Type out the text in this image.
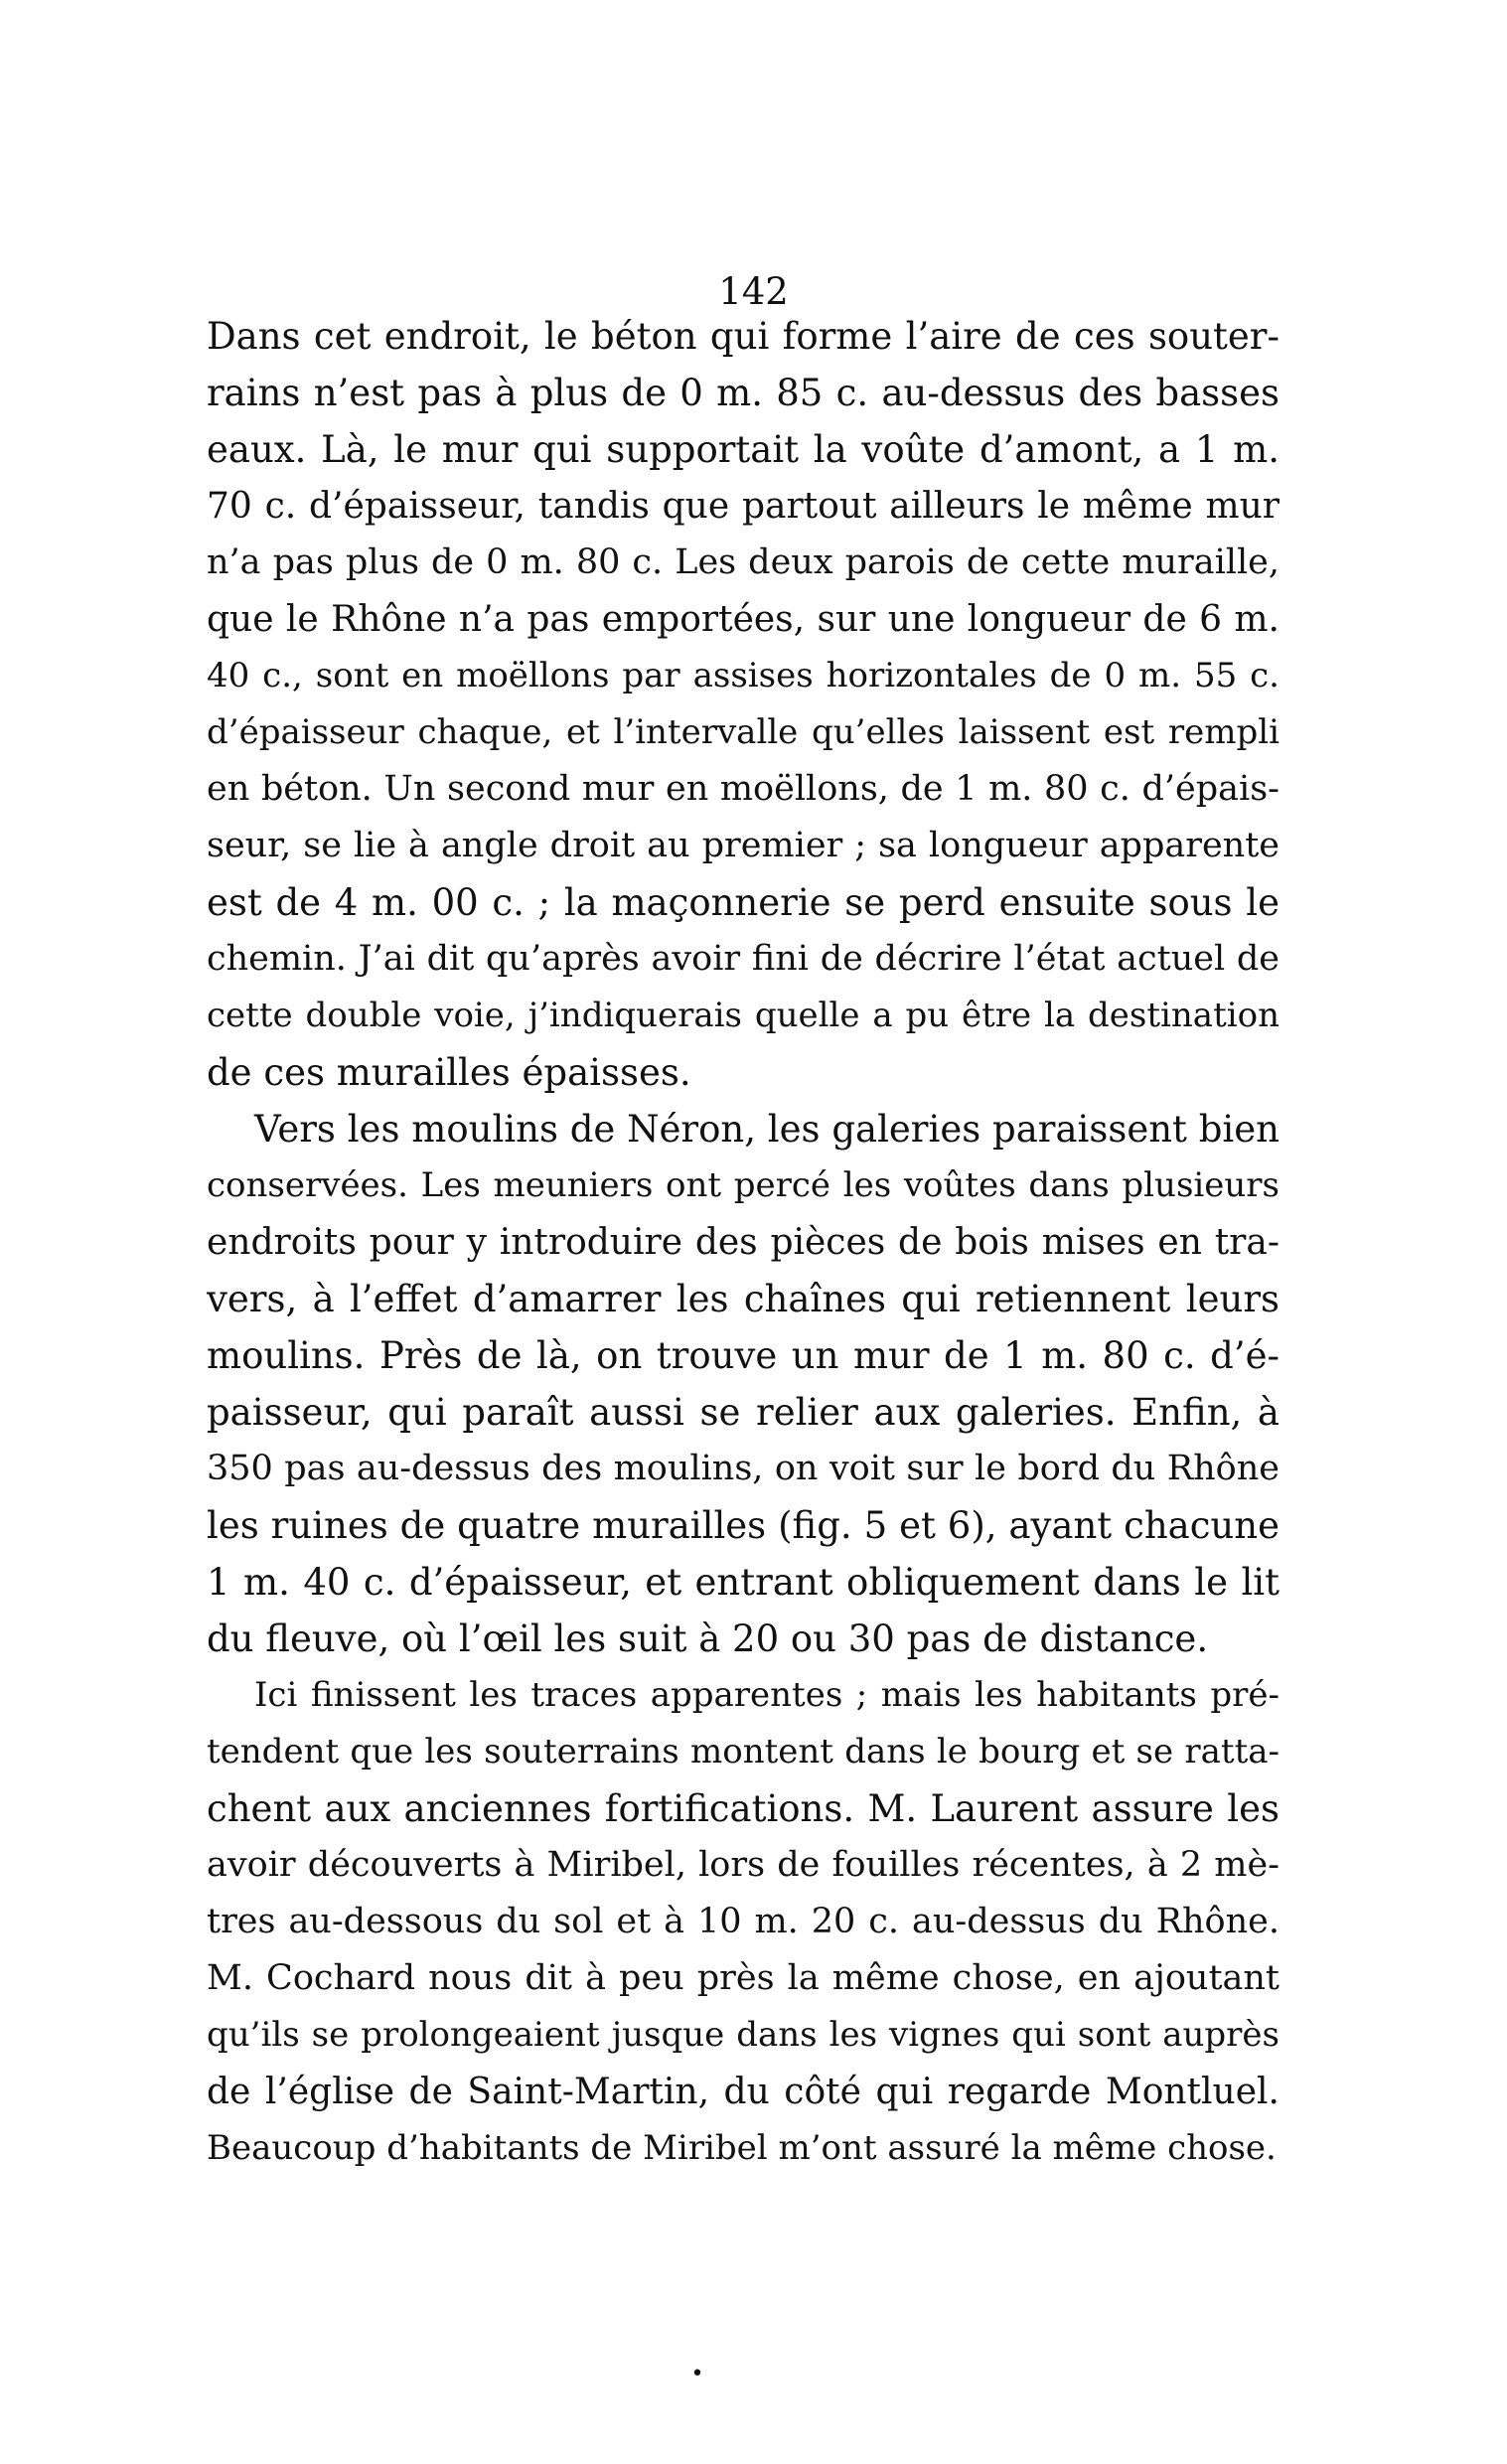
142
Dans cet endroit, le béton qui forme l’aire de ces souter-
rains n’est pas à plus de 0 m. 85 c. au-dessus des basses
eaux. Là, le mur qui supportait la voûte d’amont, a 1 m.
70 c. d’épaisseur, tandis que partout ailleurs le même mur
n’a pas plus de 0 m. 80 c. Les deux parois de cette muraille,
que le Rhône n’a pas emportées, sur une longueur de 6 m.
40 c., sont en moëllons par assises horizontales de 0 m. 55 c.
d’épaisseur chaque, et l’intervalle qu’elles laissent est rempli
en béton. Un second mur en moëllons, de 1 m. 80 c. d’épais-
seur, se lie à angle droit au premier ; sa longueur apparente
est de 4 m. 00 c. ; la maçonnerie se perd ensuite sous le
chemin. J’ai dit qu’après avoir fini de décrire l’état actuel de
cette double voie, j’indiquerais quelle a pu être la destination
de ces murailles épaisses.
Vers les moulins de Néron, les galeries paraissent bien
conservées. Les meuniers ont percé les voûtes dans plusieurs
endroits pour y introduire des pièces de bois mises en tra-
vers, à l’effet d’amarrer les chaînes qui retiennent leurs
moulins. Près de là, on trouve un mur de 1 m. 80 c. d’é-
paisseur, qui paraît aussi se relier aux galeries. Enfin, à
350 pas au-dessus des moulins, on voit sur le bord du Rhône
les ruines de quatre murailles (fig. 5 et 6), ayant chacune
1 m. 40 c. d’épaisseur, et entrant obliquement dans le lit
du fleuve, où l’œil les suit à 20 ou 30 pas de distance.
Ici finissent les traces apparentes ; mais les habitants pré-
tendent que les souterrains montent dans le bourg et se ratta-
chent aux anciennes fortifications. M. Laurent assure les
avoir découverts à Miribel, lors de fouilles récentes, à 2 mè-
tres au-dessous du sol et à 10 m. 20 c. au-dessus du Rhône.
M. Cochard nous dit à peu près la même chose, en ajoutant
qu’ils se prolongeaient jusque dans les vignes qui sont auprès
de l’église de Saint-Martin, du côté qui regarde Montluel.
Beaucoup d’habitants de Miribel m’ont assuré la même chose.
•
